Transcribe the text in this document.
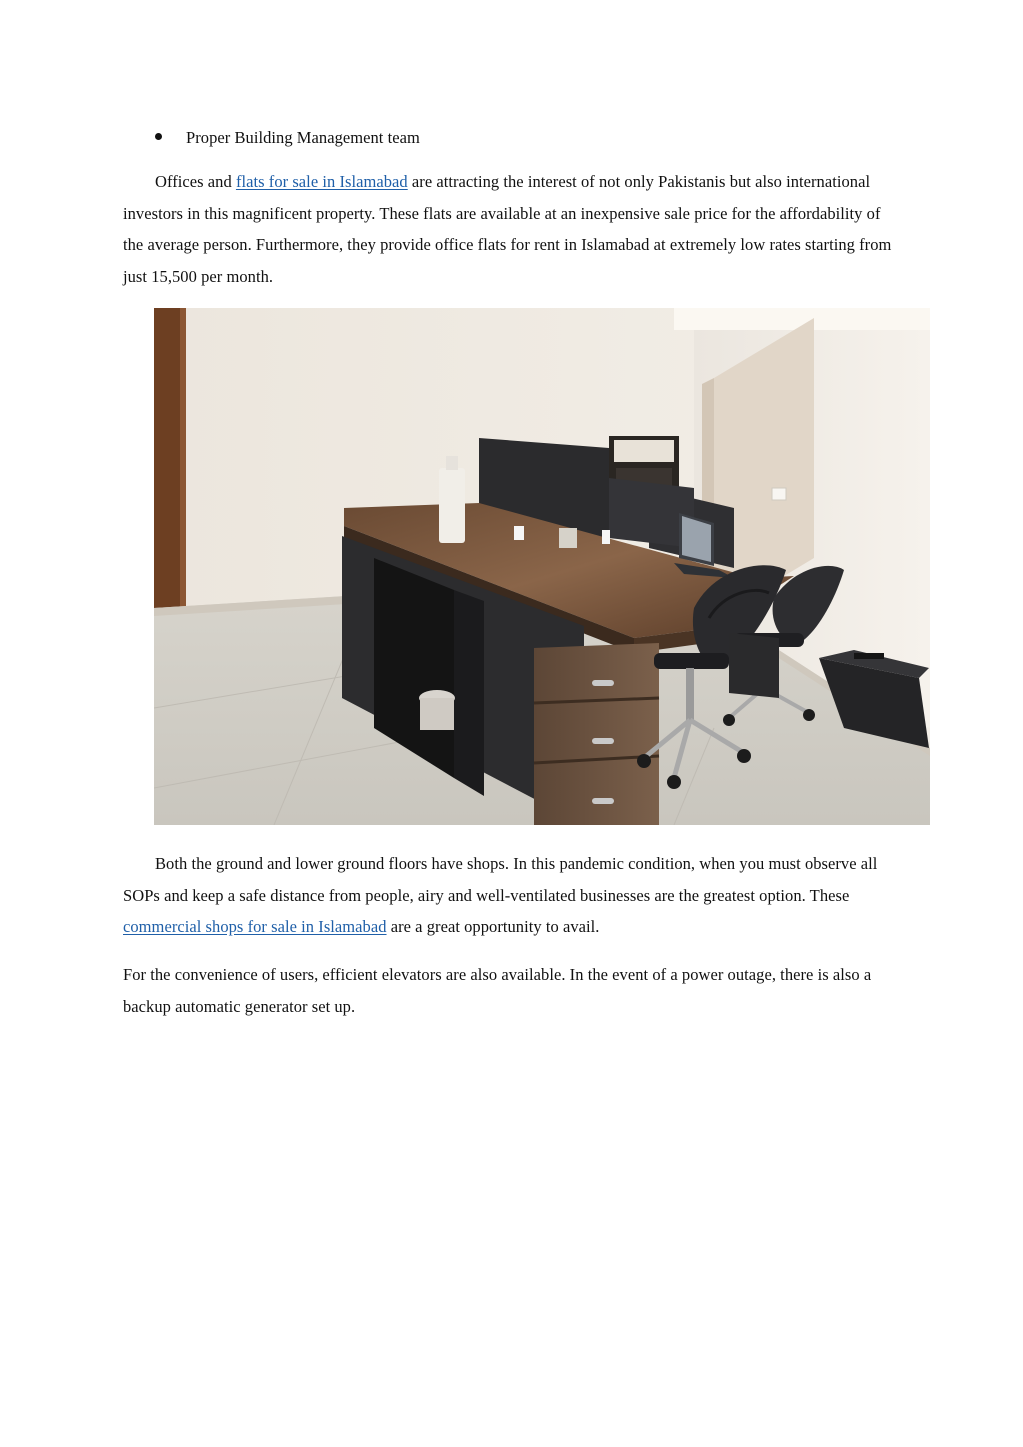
Proper Building Management team

Offices and flats for sale in Islamabad are attracting the interest of not only Pakistanis but also international investors in this magnificent property. These flats are available at an inexpensive sale price for the affordability of the average person. Furthermore, they provide office flats for rent in Islamabad at extremely low rates starting from just 15,500 per month.

Both the ground and lower ground floors have shops. In this pandemic condition, when you must observe all SOPs and keep a safe distance from people, airy and well-ventilated businesses are the greatest option. These commercial shops for sale in Islamabad are a great opportunity to avail.

For the convenience of users, efficient elevators are also available. In the event of a power outage, there is also a backup automatic generator set up.
